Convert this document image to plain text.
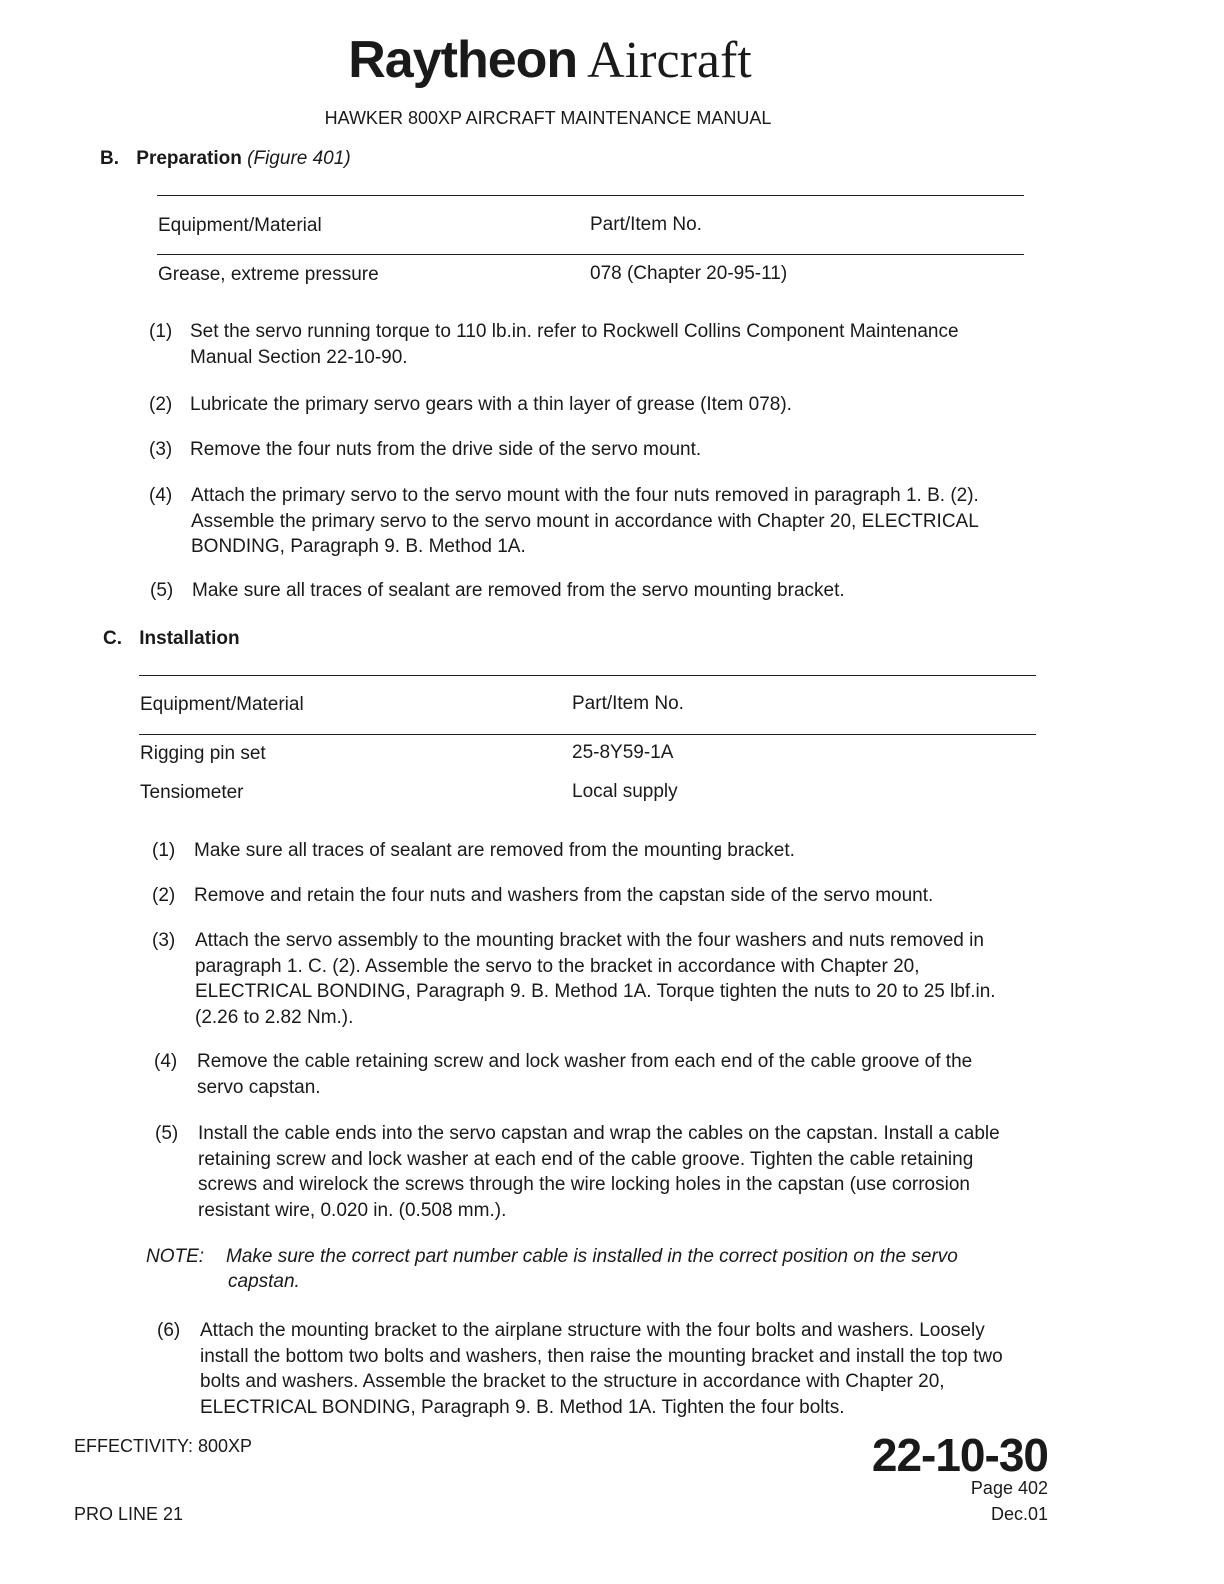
Raytheon Aircraft
HAWKER 800XP AIRCRAFT MAINTENANCE MANUAL
B. Preparation (Figure 401)
Equipment/Material	Part/Item No.
Grease, extreme pressure	078 (Chapter 20-95-11)
(1) Set the servo running torque to 110 lb.in. refer to Rockwell Collins Component Maintenance
Manual Section 22-10-90.
(2) Lubricate the primary servo gears with a thin layer of grease (Item 078).
(3) Remove the four nuts from the drive side of the servo mount.
(4) Attach the primary servo to the servo mount with the four nuts removed in paragraph 1. B. (2).
Assemble the primary servo to the servo mount in accordance with Chapter 20, ELECTRICAL
BONDING, Paragraph 9. B. Method 1A.
(5) Make sure all traces of sealant are removed from the servo mounting bracket.
C. Installation
Equipment/Material	Part/Item No.
Rigging pin set	25-8Y59-1A
Tensiometer	Local supply
(1) Make sure all traces of sealant are removed from the mounting bracket.
(2) Remove and retain the four nuts and washers from the capstan side of the servo mount.
(3) Attach the servo assembly to the mounting bracket with the four washers and nuts removed in
paragraph 1. C. (2). Assemble the servo to the bracket in accordance with Chapter 20,
ELECTRICAL BONDING, Paragraph 9. B. Method 1A. Torque tighten the nuts to 20 to 25 lbf.in.
(2.26 to 2.82 Nm.).
(4) Remove the cable retaining screw and lock washer from each end of the cable groove of the
servo capstan.
(5) Install the cable ends into the servo capstan and wrap the cables on the capstan. Install a cable
retaining screw and lock washer at each end of the cable groove. Tighten the cable retaining
screws and wirelock the screws through the wire locking holes in the capstan (use corrosion
resistant wire, 0.020 in. (0.508 mm.).
NOTE: Make sure the correct part number cable is installed in the correct position on the servo
capstan.
(6) Attach the mounting bracket to the airplane structure with the four bolts and washers. Loosely
install the bottom two bolts and washers, then raise the mounting bracket and install the top two
bolts and washers. Assemble the bracket to the structure in accordance with Chapter 20,
ELECTRICAL BONDING, Paragraph 9. B. Method 1A. Tighten the four bolts.
EFFECTIVITY: 800XP
PRO LINE 21
22-10-30
Page 402
Dec.01
